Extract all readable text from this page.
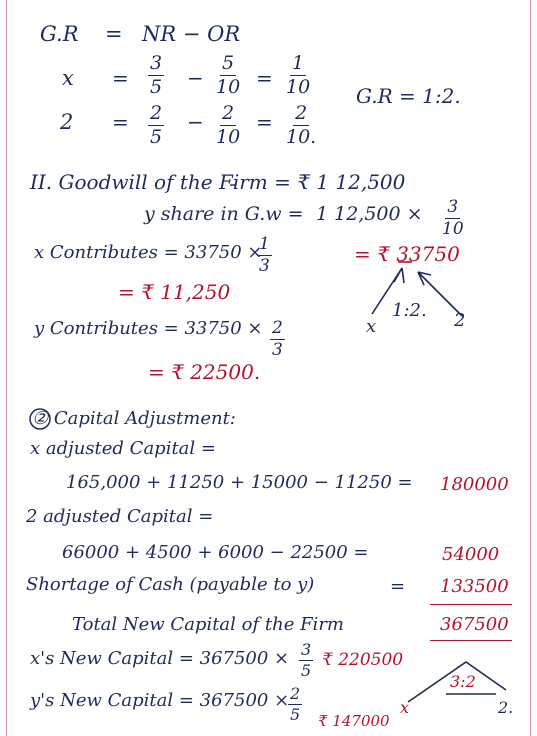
G.R = NR − OR
$x = \frac{3}{5} - \frac{5}{10} = \frac{1}{10} G.R$ = 1:2.
$2 = \frac{2}{5} - \frac{2}{10} = \frac{2}{10.}$
II. Goodwill of the Firm = ₹ 1 12,500
y share in G.w = 1 $12,500 \times \frac{3}{10}$
x Contributes = 33750 ×
$\frac{1}{3}$
= ₹ 11,250
= ₹ 33750
x
1:2. 2
y Contributes = $33750 \times \frac{2}{3}$
= ₹ 22500.
② Capital Adjustment:
x adjusted Capital =
165,000 + 11250 + 15000 − 11250 = 180000
2 adjusted Capital =
66000 + 4500 + 6000 − 22500 =	54000
Shortage of Cash (payable to y)	= 133500
Total New Capital of the Firm	367500
x's New Capital = $367500 \times \frac{3}{5}$ ₹ 220500
3:2
2.
x
y's New Capital = 367500 ×
$\frac{2}{5}$ ₹ 147000
